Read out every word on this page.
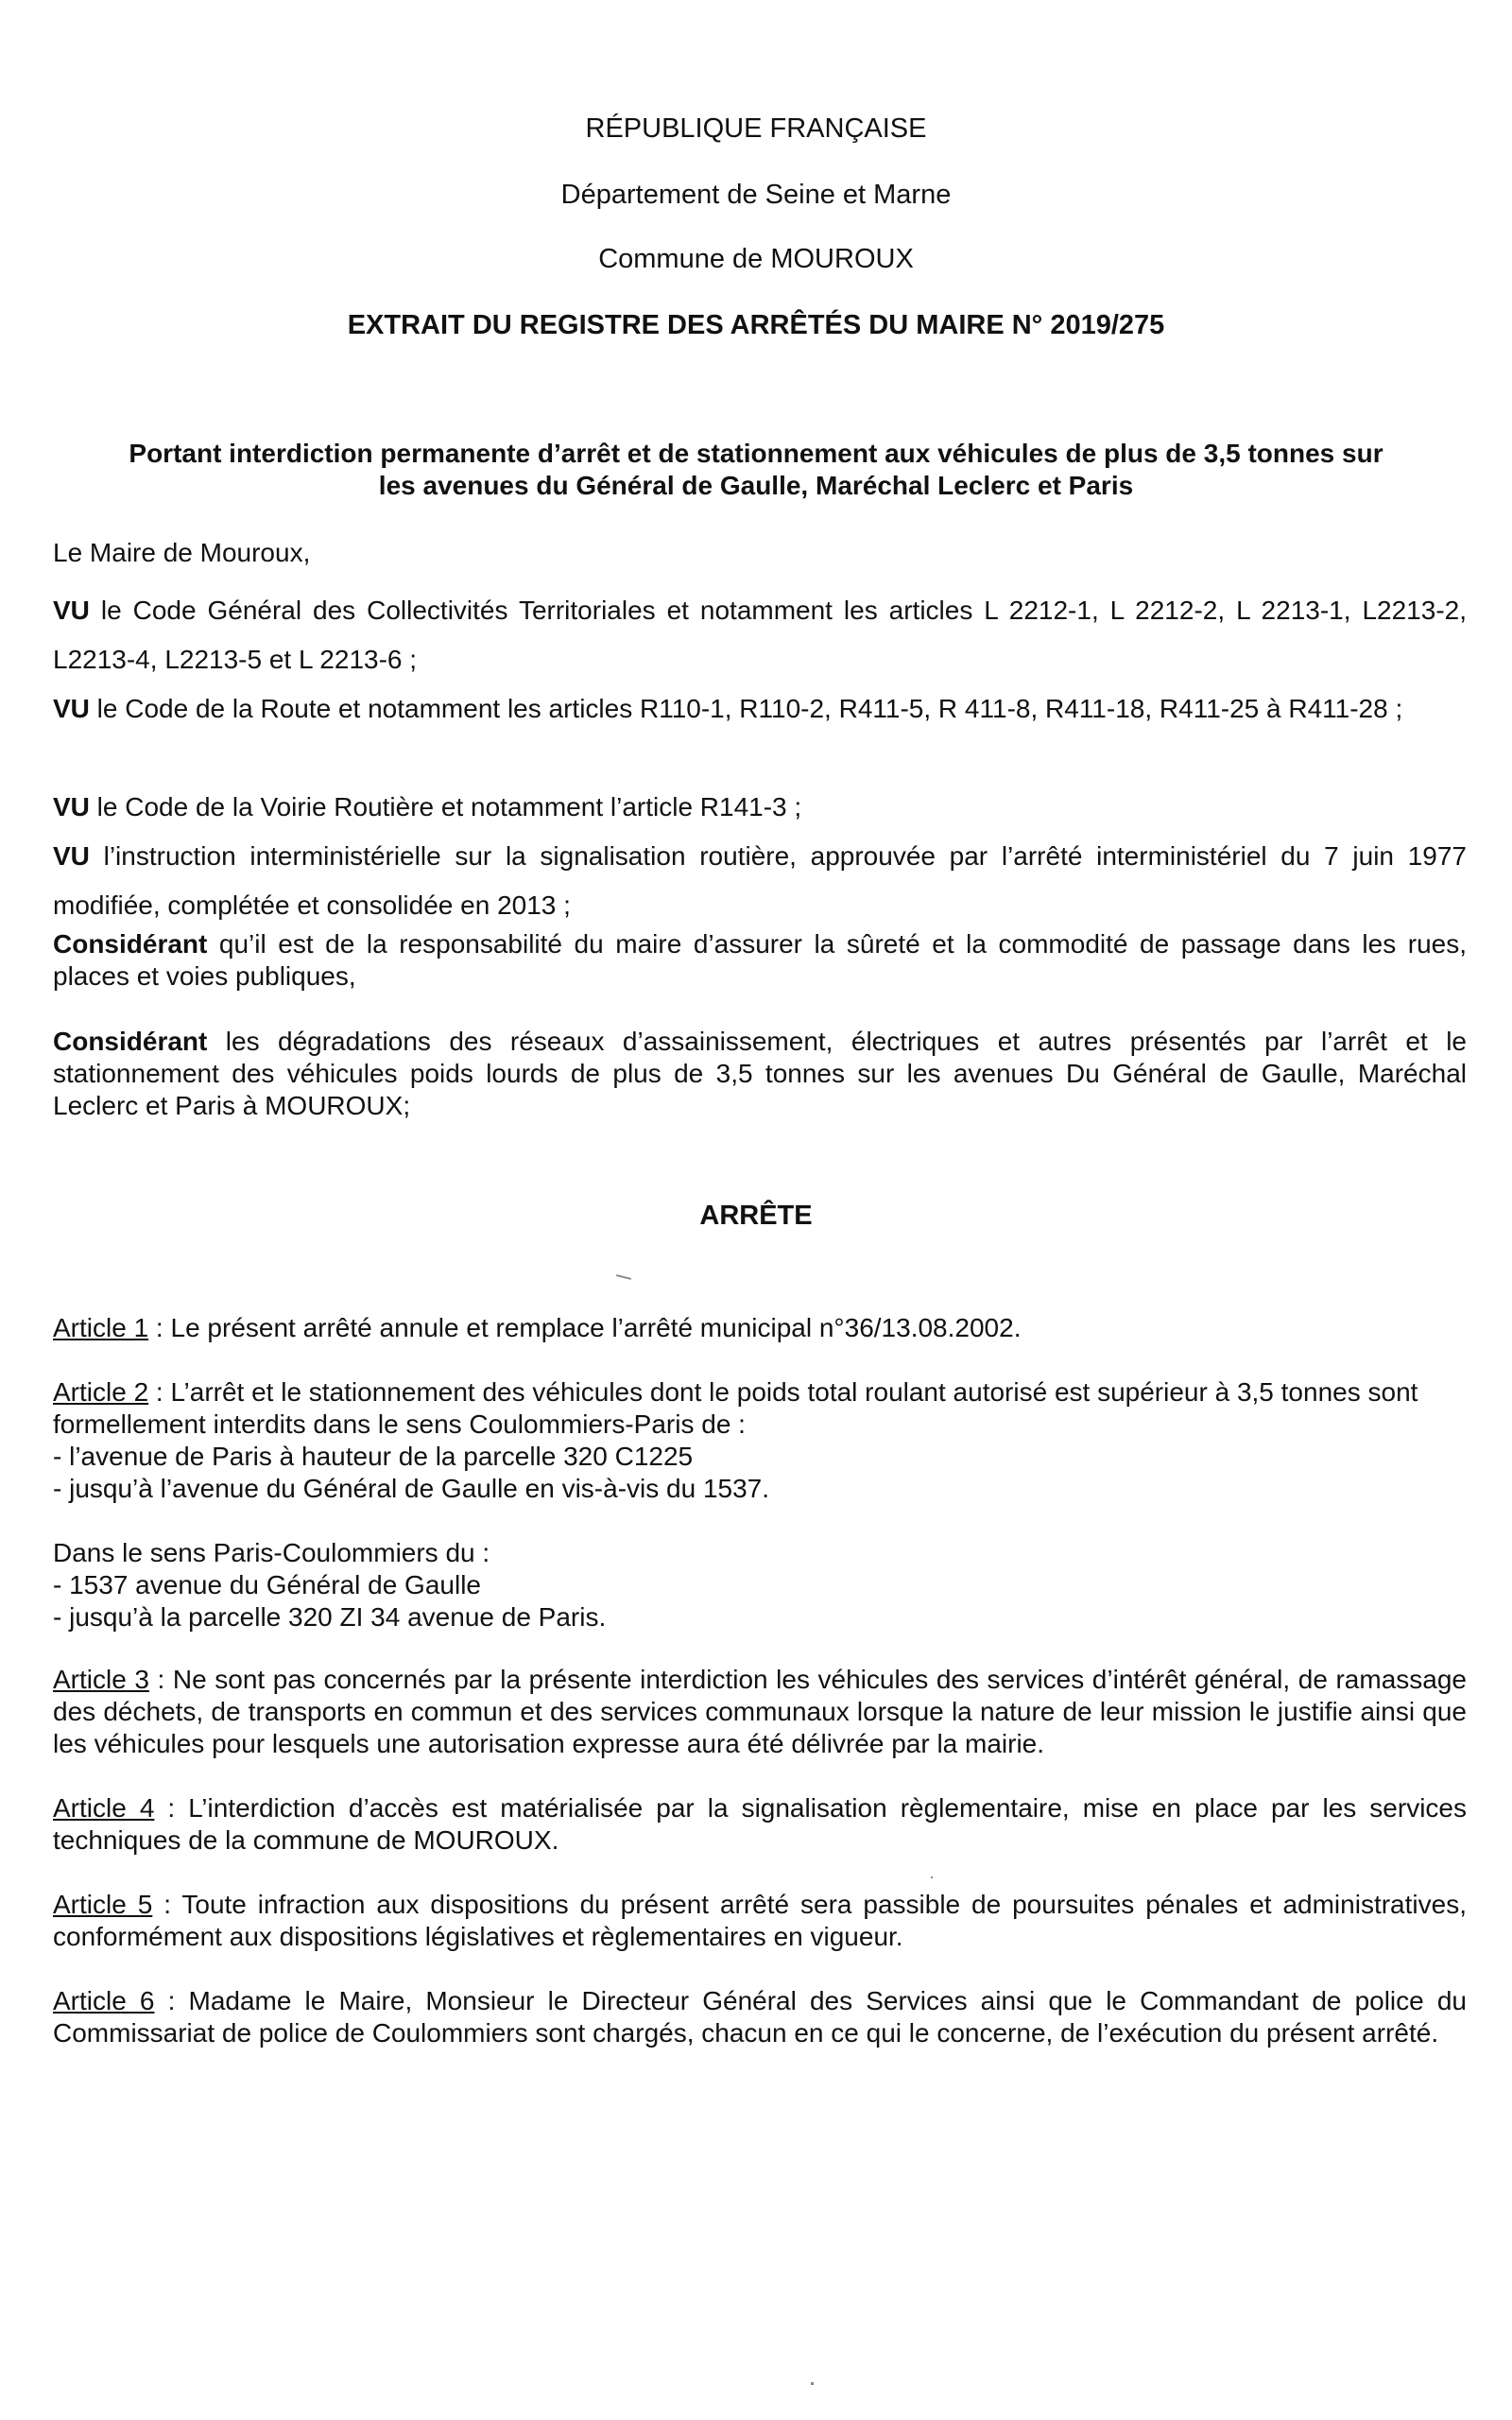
RÉPUBLIQUE FRANÇAISE
Département de Seine et Marne
Commune de MOUROUX
EXTRAIT DU REGISTRE DES ARRÊTÉS DU MAIRE N° 2019/275
Portant interdiction permanente d’arrêt et de stationnement aux véhicules de plus de 3,5 tonnes sur
les avenues du Général de Gaulle, Maréchal Leclerc et Paris

Le Maire de Mouroux,

VU le Code Général des Collectivités Territoriales et notamment les articles L 2212-1, L 2212-2, L 2213-1, L2213-2, L2213-4, L2213-5 et L 2213-6 ;

VU le Code de la Route et notamment les articles R110-1, R110-2, R411-5, R 411-8, R411-18, R411-25 à R411-28 ;

VU le Code de la Voirie Routière et notamment l’article R141-3 ;

VU l’instruction interministérielle sur la signalisation routière, approuvée par l’arrêté interministériel du 7 juin 1977 modifiée, complétée et consolidée en 2013 ;

Considérant qu’il est de la responsabilité du maire d’assurer la sûreté et la commodité de passage dans les rues, places et voies publiques,

Considérant les dégradations des réseaux d’assainissement, électriques et autres présentés par l’arrêt et le stationnement des véhicules poids lourds de plus de 3,5 tonnes sur les avenues Du Général de Gaulle, Maréchal Leclerc et Paris à MOUROUX;

ARRÊTE

Article 1 : Le présent arrêté annule et remplace l’arrêté municipal n°36/13.08.2002.

Article 2 : L’arrêt et le stationnement des véhicules dont le poids total roulant autorisé est supérieur à 3,5 tonnes sont formellement interdits dans le sens Coulommiers-Paris de :
- l’avenue de Paris à hauteur de la parcelle 320 C1225
- jusqu’à l’avenue du Général de Gaulle en vis-à-vis du 1537.
Dans le sens Paris-Coulommiers du :
- 1537 avenue du Général de Gaulle
- jusqu’à la parcelle 320 ZI 34 avenue de Paris.

Article 3 : Ne sont pas concernés par la présente interdiction les véhicules des services d’intérêt général, de ramassage des déchets, de transports en commun et des services communaux lorsque la nature de leur mission le justifie ainsi que les véhicules pour lesquels une autorisation expresse aura été délivrée par la mairie.

Article 4 : L’interdiction d’accès est matérialisée par la signalisation règlementaire, mise en place par les services techniques de la commune de MOUROUX.

Article 5 : Toute infraction aux dispositions du présent arrêté sera passible de poursuites pénales et administratives, conformément aux dispositions législatives et règlementaires en vigueur.

Article 6 : Madame le Maire, Monsieur le Directeur Général des Services ainsi que le Commandant de police du Commissariat de police de Coulommiers sont chargés, chacun en ce qui le concerne, de l’exécution du présent arrêté.
